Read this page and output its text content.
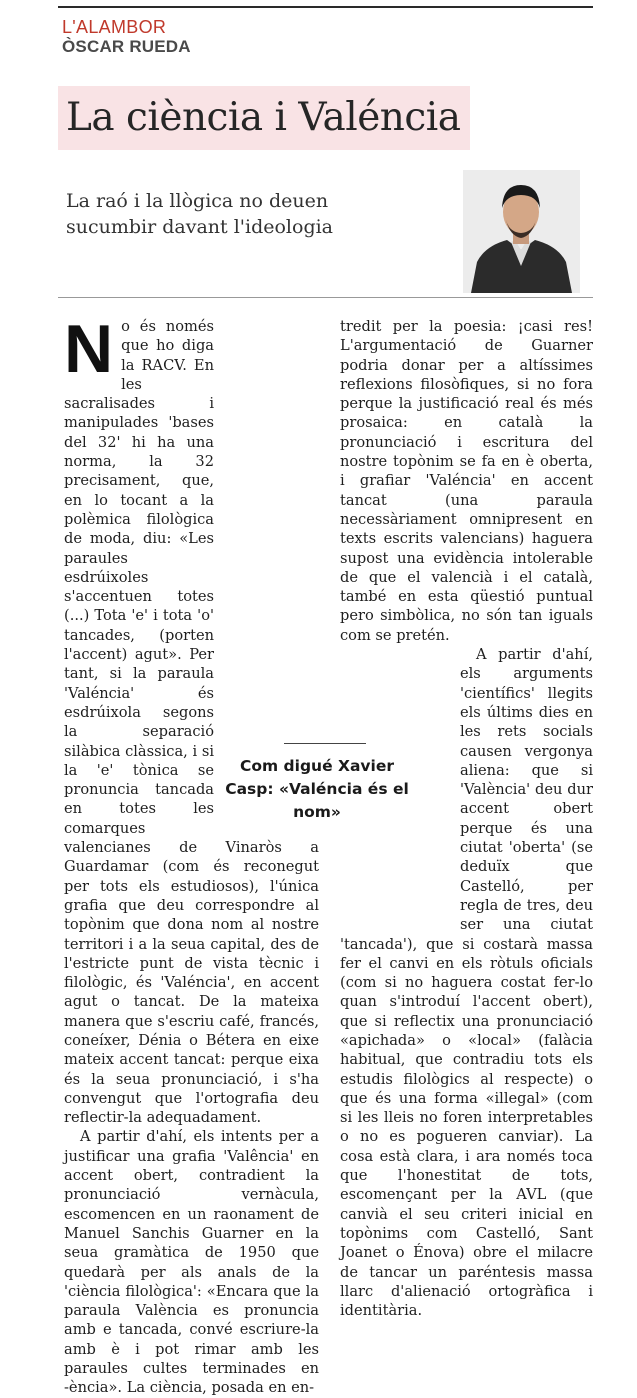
L'ALAMBOR
ÒSCAR RUEDA
La ciència i Valéncia
La raó i la llògica no deuen sucumbir davant l'ideologia

No és només que ho diga la RACV. En les sacralisades i manipulades 'bases del 32' hi ha una norma, la 32 precisament, que, en lo tocant a la polèmica filològica de moda, diu: «Les paraules esdrúixoles s'accentuen totes (...) Tota 'e' i tota 'o' tancades, (porten l'accent) agut». Per tant, si la paraula 'Valéncia' és esdrúixola segons la separació silàbica clàssica, i si la 'e' tònica se pronuncia tancada en totes les comarques valencianes de Vinaròs a Guardamar (com és reconegut per tots els estudiosos), l'única grafia que deu correspondre al topònim que dona nom al nostre territori i a la seua capital, des de l'estricte punt de vista tècnic i filològic, és 'Valéncia', en accent agut o tancat. De la mateixa manera que s'escriu café, francés, coneíxer, Dénia o Bétera en eixe mateix accent tancat: perque eixa és la seua pronunciació, i s'ha convengut que l'ortografia deu reflectir-la adequadament.

A partir d'ahí, els intents per a justificar una grafia 'Valência' en accent obert, contradient la pronunciació vernàcula, escomencen en un raonament de Manuel Sanchis Guarner en la seua gramàtica de 1950 que quedarà per als anals de la 'ciència filològica': «Encara que la paraula València es pronuncia amb e tancada, convé escriure-la amb è i pot rimar amb les paraules cultes terminades en -ència». La ciència, posada en en-

tredit per la poesia: ¡casi res! L'argumentació de Guarner podria donar per a altíssimes reflexions filosòfiques, si no fora perque la justificació real és més prosaica: en català la pronunciació i escritura del nostre topònim se fa en è oberta, i grafiar 'Valéncia' en accent tancat (una paraula necessàriament omnipresent en texts escrits valencians) haguera supost una evidència intolerable de que el valencià i el català, també en esta qüestió puntual pero simbòlica, no són tan iguals com se pretén.

A partir d'ahí, els arguments 'científics' llegits els últims dies en les rets socials causen vergonya aliena: que si 'València' deu dur accent obert perque és una ciutat 'oberta' (se deduïx que Castelló, per regla de tres, deu ser una ciutat 'tancada'), que si costarà massa fer el canvi en els ròtuls oficials (com si no haguera costat fer-lo quan s'introduí l'accent obert), que si reflectix una pronunciació «apichada» o «local» (falàcia habitual, que contradiu tots els estudis filològics al respecte) o que és una forma «illegal» (com si les lleis no foren interpretables o no es pogueren canviar). La cosa està clara, i ara només toca que l'honestitat de tots, escomençant per la AVL (que canvià el seu criteri inicial en topònims com Castelló, Sant Joanet o Énova) obre el milacre de tancar un paréntesis massa llarc d'alienació ortogràfica i identitària.

Com digué Xavier Casp: «Valéncia és el nom»
